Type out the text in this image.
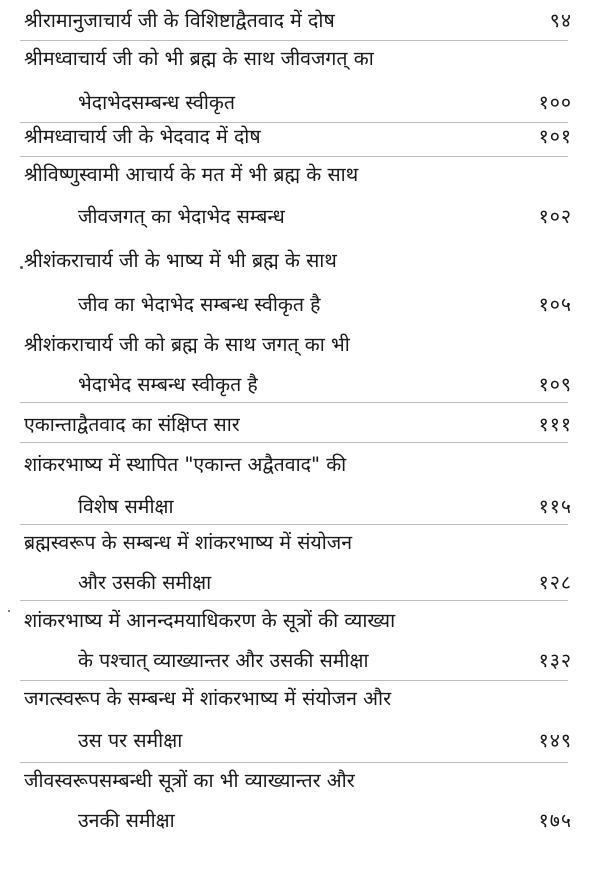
श्रीरामानुजाचार्य जी के विशिष्टाद्वैतवाद में दोष	९४

श्रीमध्वाचार्य जी को भी ब्रह्म के साथ जीवजगत् का

भेदाभेदसम्बन्ध स्वीकृत	१००

श्रीमध्वाचार्य जी के भेदवाद में दोष	१०१

श्रीविष्णुस्वामी आचार्य के मत में भी ब्रह्म के साथ

जीवजगत् का भेदाभेद सम्बन्ध	१०२

श्रीशंकराचार्य जी के भाष्य में भी ब्रह्म के साथ

जीव का भेदाभेद सम्बन्ध स्वीकृत है	१०५

श्रीशंकराचार्य जी को ब्रह्म के साथ जगत् का भी

भेदाभेद सम्बन्ध स्वीकृत है	१०९

एकान्ताद्वैतवाद का संक्षिप्त सार	१११

शांकरभाष्य में स्थापित "एकान्त अद्वैतवाद" की

विशेष समीक्षा	११५

ब्रह्मस्वरूप के सम्बन्ध में शांकरभाष्य में संयोजन

और उसकी समीक्षा	१२८

शांकरभाष्य में आनन्दमयाधिकरण के सूत्रों की व्याख्या

के पश्चात् व्याख्यान्तर और उसकी समीक्षा	१३२

जगत्स्वरूप के सम्बन्ध में शांकरभाष्य में संयोजन और

उस पर समीक्षा	१४९

जीवस्वरूपसम्बन्धी सूत्रों का भी व्याख्यान्तर और

उनकी समीक्षा	१७५
